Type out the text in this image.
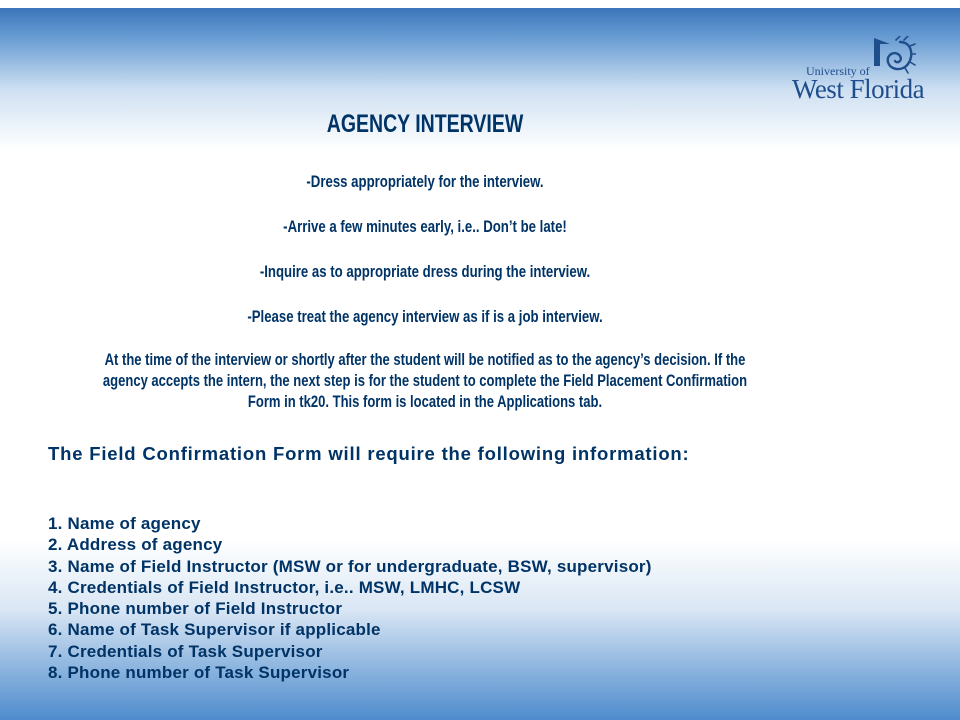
University of
West Florida
AGENCY INTERVIEW
-Dress appropriately for the interview.
-Arrive a few minutes early, i.e.. Don’t be late!
-Inquire as to appropriate dress during the interview.
-Please treat the agency interview as if is a job interview.
At the time of the interview or shortly after the student will be notified as to the agency’s decision. If the
agency accepts the intern, the next step is for the student to complete the Field Placement Confirmation
Form in tk20. This form is located in the Applications tab.
The Field Confirmation Form will require the following information:
1. Name of agency
2. Address of agency
3. Name of Field Instructor (MSW or for undergraduate, BSW, supervisor)
4. Credentials of Field Instructor, i.e.. MSW, LMHC, LCSW
5. Phone number of Field Instructor
6. Name of Task Supervisor if applicable
7. Credentials of Task Supervisor
8. Phone number of Task Supervisor
